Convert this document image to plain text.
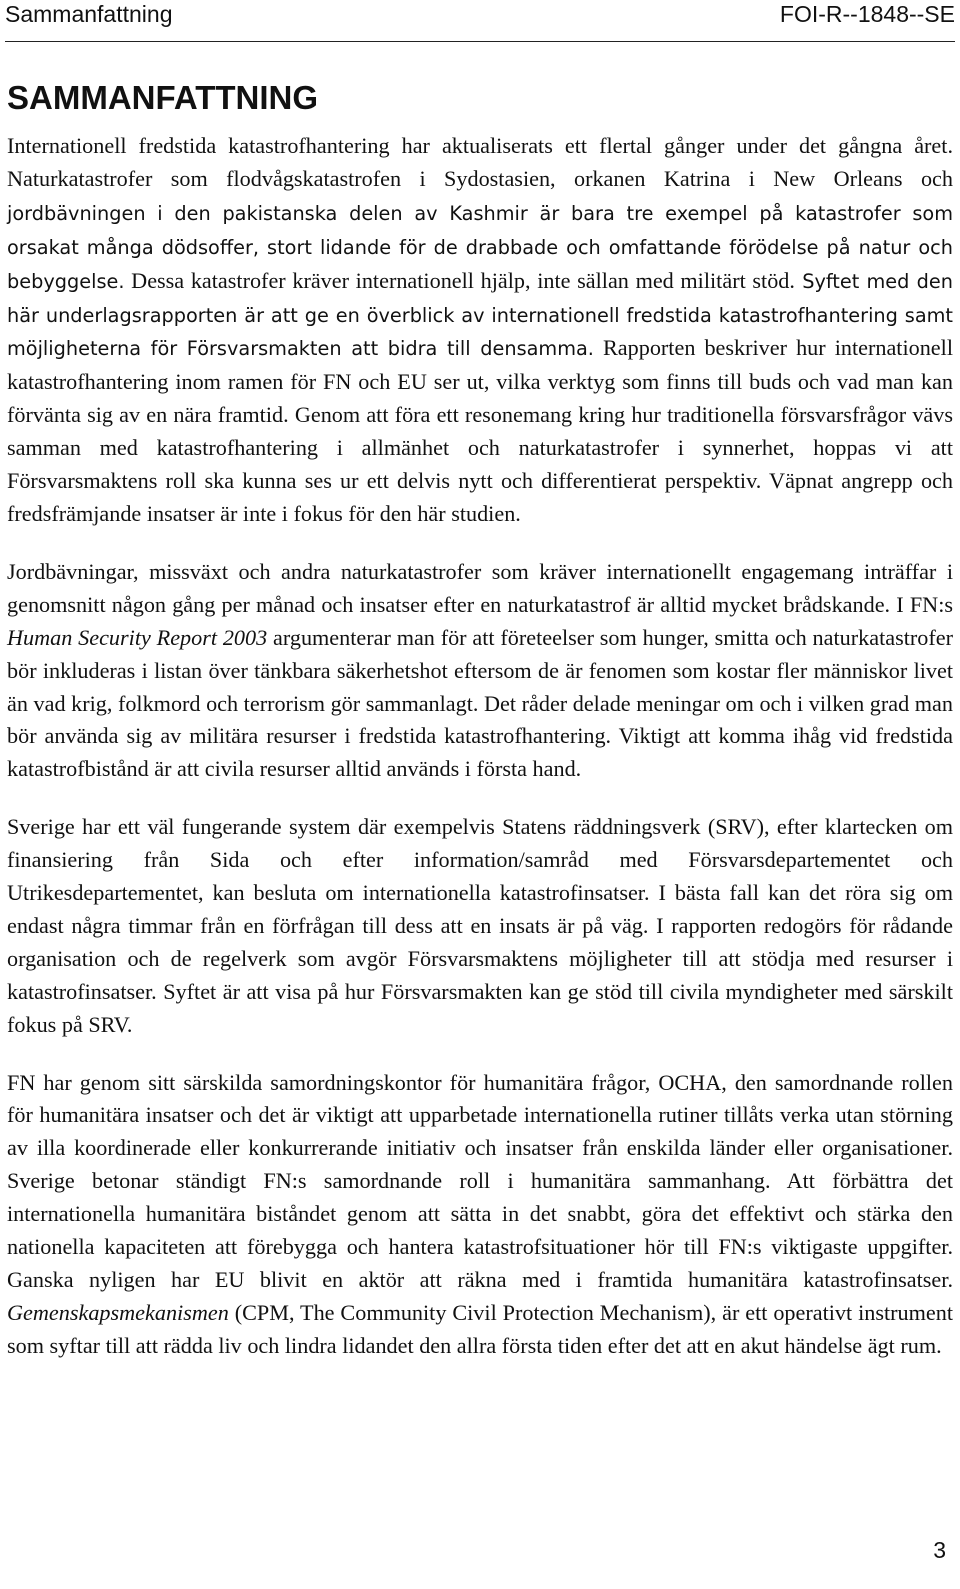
Sammanfattning	FOI-R--1848--SE
SAMMANFATTNING

Internationell fredstida katastrofhantering har aktualiserats ett flertal gånger under det gångna året. Naturkatastrofer som flodvågskatastrofen i Sydostasien, orkanen Katrina i New Orleans och jordbävningen i den pakistanska delen av Kashmir är bara tre exempel på katastrofer som orsakat många dödsoffer, stort lidande för de drabbade och omfattande förödelse på natur och bebyggelse. Dessa katastrofer kräver internationell hjälp, inte sällan med militärt stöd. Syftet med den här underlagsrapporten är att ge en överblick av internationell fredstida katastrofhantering samt möjligheterna för Försvarsmakten att bidra till densamma. Rapporten beskriver hur internationell katastrofhantering inom ramen för FN och EU ser ut, vilka verktyg som finns till buds och vad man kan förvänta sig av en nära framtid. Genom att föra ett resonemang kring hur traditionella försvarsfrågor vävs samman med katastrofhantering i allmänhet och naturkatastrofer i synnerhet, hoppas vi att Försvarsmaktens roll ska kunna ses ur ett delvis nytt och differentierat perspektiv. Väpnat angrepp och fredsfrämjande insatser är inte i fokus för den här studien.

Jordbävningar, missväxt och andra naturkatastrofer som kräver internationellt engagemang inträffar i genomsnitt någon gång per månad och insatser efter en naturkatastrof är alltid mycket brådskande. I FN:s Human Security Report 2003 argumenterar man för att företeelser som hunger, smitta och naturkatastrofer bör inkluderas i listan över tänkbara säkerhetshot eftersom de är fenomen som kostar fler människor livet än vad krig, folkmord och terrorism gör sammanlagt. Det råder delade meningar om och i vilken grad man bör använda sig av militära resurser i fredstida katastrofhantering. Viktigt att komma ihåg vid fredstida katastrofbistånd är att civila resurser alltid används i första hand.

Sverige har ett väl fungerande system där exempelvis Statens räddningsverk (SRV), efter klartecken om finansiering från Sida och efter information/samråd med Försvarsdepartementet och Utrikesdepartementet, kan besluta om internationella katastrofinsatser. I bästa fall kan det röra sig om endast några timmar från en förfrågan till dess att en insats är på väg. I rapporten redogörs för rådande organisation och de regelverk som avgör Försvarsmaktens möjligheter till att stödja med resurser i katastrofinsatser. Syftet är att visa på hur Försvarsmakten kan ge stöd till civila myndigheter med särskilt fokus på SRV.

FN har genom sitt särskilda samordningskontor för humanitära frågor, OCHA, den samordnande rollen för humanitära insatser och det är viktigt att upparbetade internationella rutiner tillåts verka utan störning av illa koordinerade eller konkurrerande initiativ och insatser från enskilda länder eller organisationer. Sverige betonar ständigt FN:s samordnande roll i humanitära sammanhang. Att förbättra det internationella humanitära biståndet genom att sätta in det snabbt, göra det effektivt och stärka den nationella kapaciteten att förebygga och hantera katastrofsituationer hör till FN:s viktigaste uppgifter. Ganska nyligen har EU blivit en aktör att räkna med i framtida humanitära katastrofinsatser. Gemenskapsmekanismen (CPM, The Community Civil Protection Mechanism), är ett operativt instrument som syftar till att rädda liv och lindra lidandet den allra första tiden efter det att en akut händelse ägt rum.

3
